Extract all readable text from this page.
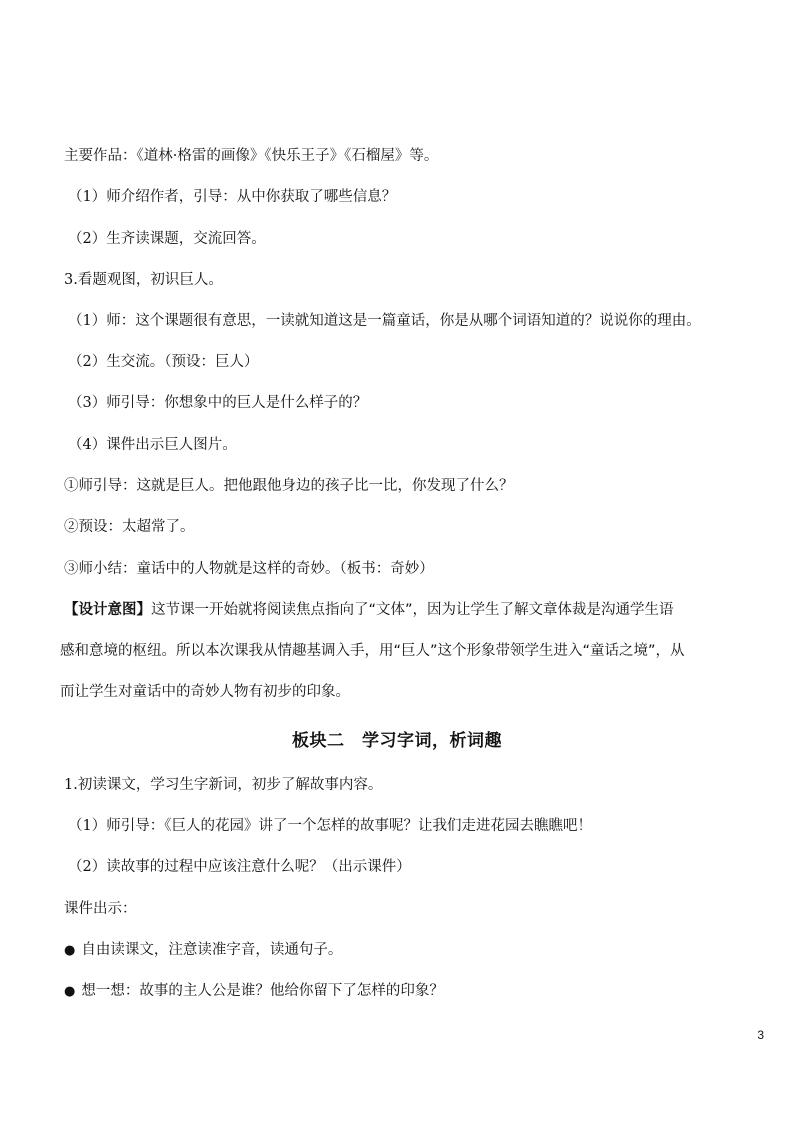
主要作品：《道林·格雷的画像》《快乐王子》《石榴屋》等。
（1）师介绍作者，引导：从中你获取了哪些信息？
（2）生齐读课题，交流回答。
3.看题观图，初识巨人。
（1）师：这个课题很有意思，一读就知道这是一篇童话，你是从哪个词语知道的？说说你的理由。
（2）生交流。（预设：巨人）
（3）师引导：你想象中的巨人是什么样子的？
（4）课件出示巨人图片。
①师引导：这就是巨人。把他跟他身边的孩子比一比，你发现了什么？
②预设：太超常了。
③师小结：童话中的人物就是这样的奇妙。（板书：奇妙）
【设计意图】这节课一开始就将阅读焦点指向了“文体”，因为让学生了解文章体裁是沟通学生语
感和意境的枢纽。所以本次课我从情趣基调入手，用“巨人”这个形象带领学生进入“童话之境”，从
而让学生对童话中的奇妙人物有初步的印象。
板块二　学习字词，析词趣
1.初读课文，学习生字新词，初步了解故事内容。
（1）师引导：《巨人的花园》讲了一个怎样的故事呢？让我们走进花园去瞧瞧吧！
（2）读故事的过程中应该注意什么呢？（出示课件）
课件出示：
● 自由读课文，注意读准字音，读通句子。
● 想一想：故事的主人公是谁？他给你留下了怎样的印象？
3
